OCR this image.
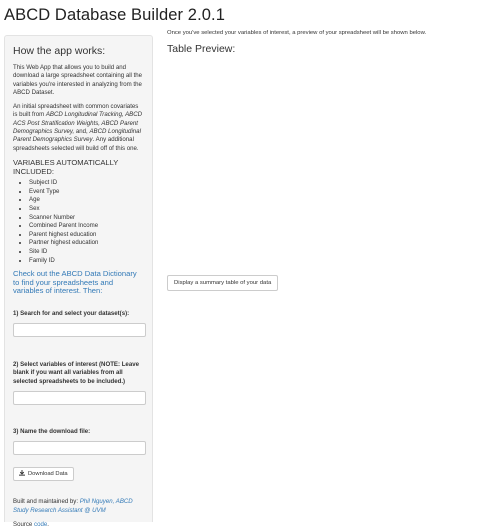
ABCD Database Builder 2.0.1
How the app works:

This Web App that allows you to build and download a large spreadsheet containing all the variables you're interested in analyzing from the ABCD Dataset.

An initial spreadsheet with common covariates is built from ABCD Longitudinal Tracking, ABCD ACS Post Stratification Weights, ABCD Parent Demographics Survey, and, ABCD Longitudinal Parent Demographics Survey. Any additional spreadsheets selected will build off of this one.

VARIABLES AUTOMATICALLY INCLUDED:
• Subject ID
• Event Type
• Age
• Sex
• Scanner Number
• Combined Parent Income
• Parent highest education
• Partner highest education
• Site ID
• Family ID
Check out the ABCD Data Dictionary to find your spreadsheets and variables of interest. Then:
1) Search for and select your dataset(s):
2) Select variables of interest (NOTE: Leave blank if you want all variables from all selected spreadsheets to be included.)
3) Name the download file:
Download Data

Built and maintained by: Phil Nguyen, ABCD Study Research Assistant @ UVM

Source code.

Once you've selected your variables of interest, a preview of your spreadsheet will be shown below.

Table Preview:
Display a summary table of your data
